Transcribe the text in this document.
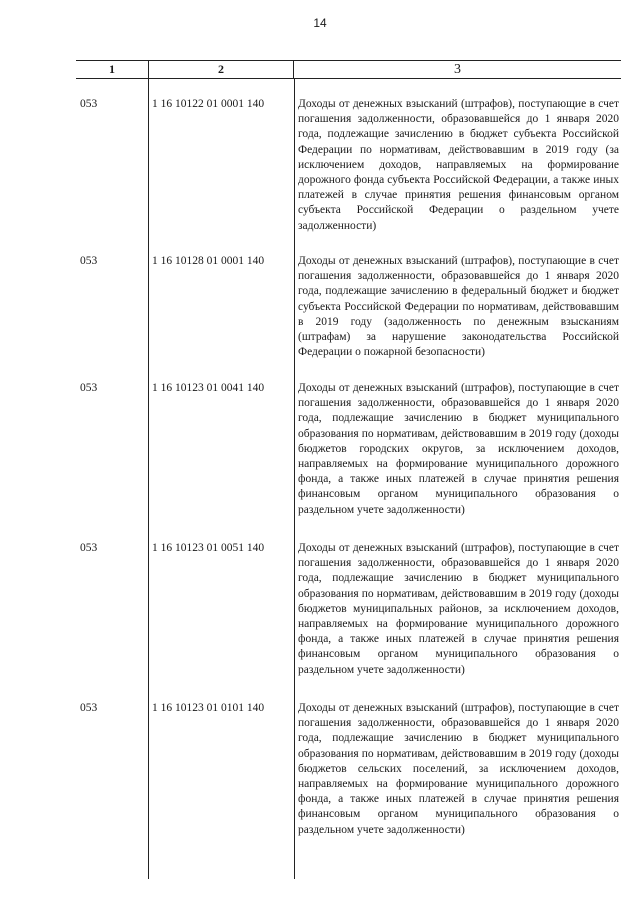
14
1	2	3
053	1 16 10122 01 0001 140	Доходы от денежных взысканий (штрафов), поступающие в счет погашения задолженности, образовавшейся до 1 января 2020 года, подлежащие зачислению в бюджет субъекта Российской Федерации по нормативам, действовавшим в 2019 году (за исключением доходов, направляемых на формирование дорожного фонда субъекта Российской Федерации, а также иных платежей в случае принятия решения финансовым органом субъекта Российской Федерации о раздельном учете задолженности)
053	1 16 10128 01 0001 140	Доходы от денежных взысканий (штрафов), поступающие в счет погашения задолженности, образовавшейся до 1 января 2020 года, подлежащие зачислению в федеральный бюджет и бюджет субъекта Российской Федерации по нормативам, действовавшим в 2019 году (задолженность по денежным взысканиям (штрафам) за нарушение законодательства Российской Федерации о пожарной безопасности)
053	1 16 10123 01 0041 140	Доходы от денежных взысканий (штрафов), поступающие в счет погашения задолженности, образовавшейся до 1 января 2020 года, подлежащие зачислению в бюджет муниципального образования по нормативам, действовавшим в 2019 году (доходы бюджетов городских округов, за исключением доходов, направляемых на формирование муниципального дорожного фонда, а также иных платежей в случае принятия решения финансовым органом муниципального образования о раздельном учете задолженности)
053	1 16 10123 01 0051 140	Доходы от денежных взысканий (штрафов), поступающие в счет погашения задолженности, образовавшейся до 1 января 2020 года, подлежащие зачислению в бюджет муниципального образования по нормативам, действовавшим в 2019 году (доходы бюджетов муниципальных районов, за исключением доходов, направляемых на формирование муниципального дорожного фонда, а также иных платежей в случае принятия решения финансовым органом муниципального образования о раздельном учете задолженности)
053	1 16 10123 01 0101 140	Доходы от денежных взысканий (штрафов), поступающие в счет погашения задолженности, образовавшейся до 1 января 2020 года, подлежащие зачислению в бюджет муниципального образования по нормативам, действовавшим в 2019 году (доходы бюджетов сельских поселений, за исключением доходов, направляемых на формирование муниципального дорожного фонда, а также иных платежей в случае принятия решения финансовым органом муниципального образования о раздельном учете задолженности)
